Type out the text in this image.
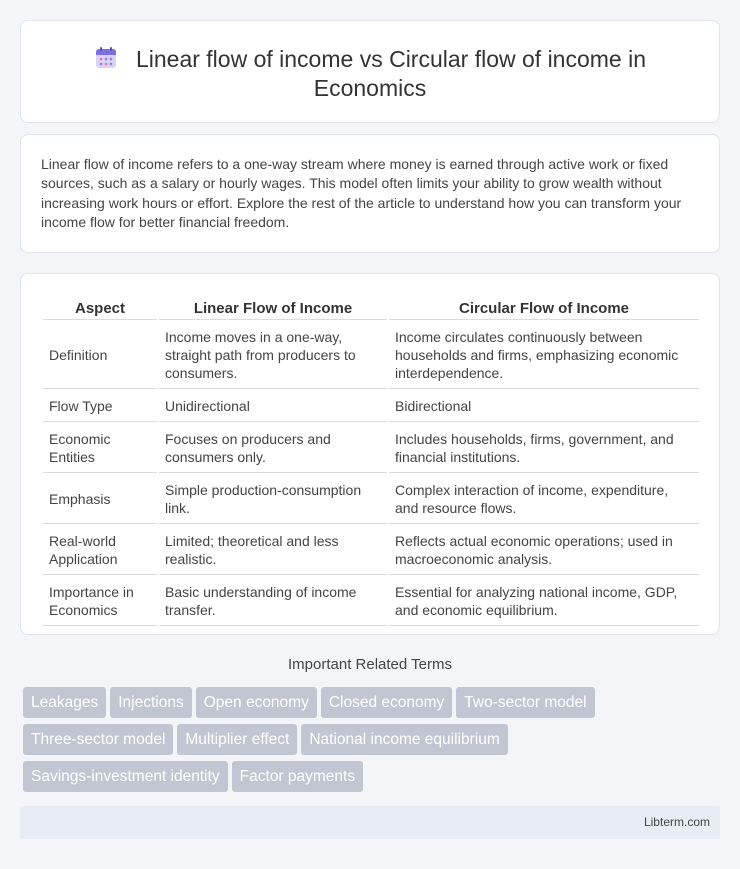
Linear flow of income vs Circular flow of income in
Economics

Linear flow of income refers to a one-way stream where money is earned through active work or fixed sources, such as a salary or hourly wages. This model often limits your ability to grow wealth without increasing work hours or effort. Explore the rest of the article to understand how you can transform your income flow for better financial freedom.

Aspect	Linear Flow of Income	Circular Flow of Income
Definition	Income moves in a one-way, straight path from producers to consumers.	Income circulates continuously between households and firms, emphasizing economic interdependence.
Flow Type	Unidirectional	Bidirectional
Economic Entities	Focuses on producers and consumers only.	Includes households, firms, government, and financial institutions.
Emphasis	Simple production-consumption link.	Complex interaction of income, expenditure, and resource flows.
Real-world Application	Limited; theoretical and less realistic.	Reflects actual economic operations; used in macroeconomic analysis.
Importance in Economics	Basic understanding of income transfer.	Essential for analyzing national income, GDP, and economic equilibrium.
Important Related Terms
Leakages Injections Open economy Closed economy Two-sector model
Three-sector model Multiplier effect National income equilibrium
Savings-investment identity Factor payments
Libterm.com
